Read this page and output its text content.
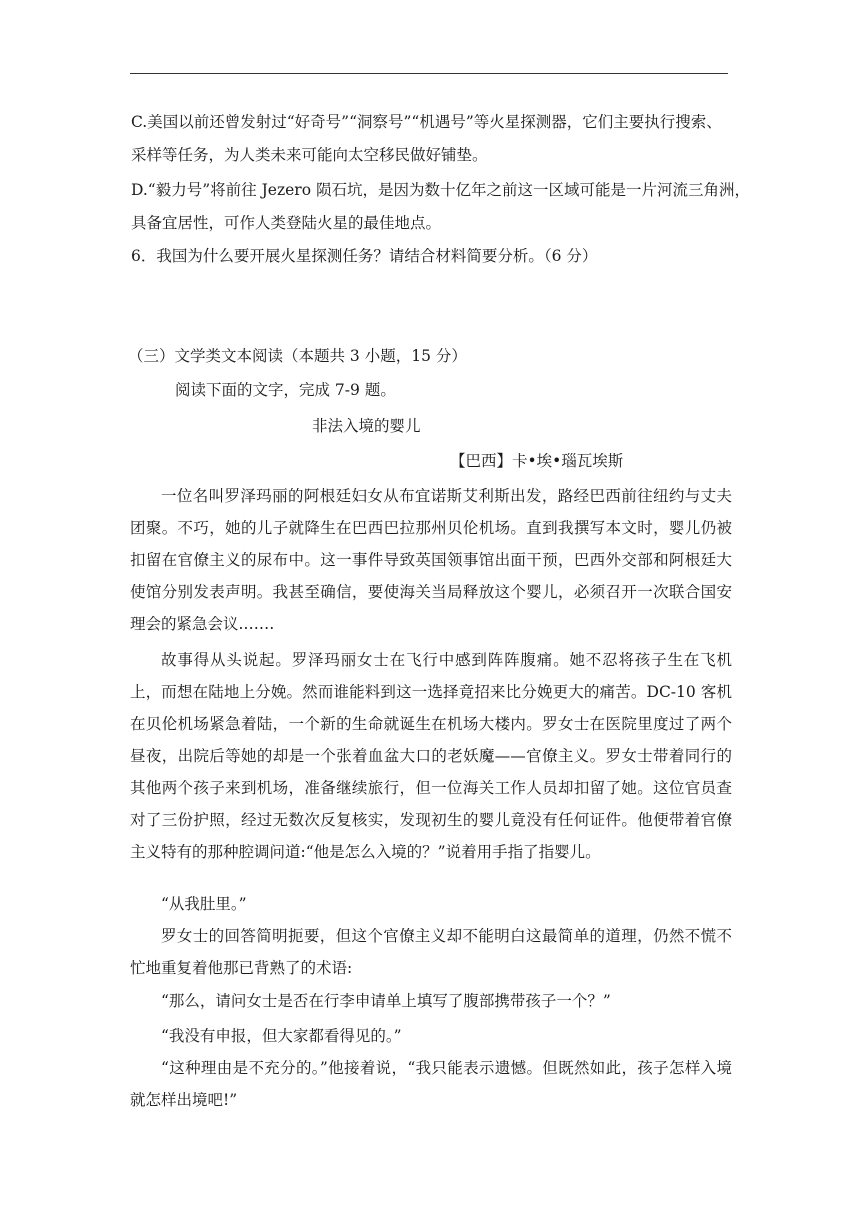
C.美国以前还曾发射过“好奇号”“洞察号”“机遇号”等火星探测器，它们主要执行搜索、

采样等任务，为人类未来可能向太空移民做好铺垫。

D.“毅力号”将前往 Jezero 陨石坑，是因为数十亿年之前这一区域可能是一片河流三角洲，

具备宜居性，可作人类登陆火星的最佳地点。

6．我国为什么要开展火星探测任务？请结合材料简要分析。（6 分）

（三）文学类文本阅读（本题共 3 小题，15 分）

阅读下面的文字，完成 7-9 题。

非法入境的婴儿

【巴西】卡•埃•瑙瓦埃斯

一位名叫罗泽玛丽的阿根廷妇女从布宜诺斯艾利斯出发，路经巴西前往纽约与丈夫团聚。不巧，她的儿子就降生在巴西巴拉那州贝伦机场。直到我撰写本文时，婴儿仍被扣留在官僚主义的尿布中。这一事件导致英国领事馆出面干预，巴西外交部和阿根廷大使馆分别发表声明。我甚至确信，要使海关当局释放这个婴儿，必须召开一次联合国安理会的紧急会议.……

故事得从头说起。罗泽玛丽女士在飞行中感到阵阵腹痛。她不忍将孩子生在飞机上，而想在陆地上分娩。然而谁能料到这一选择竟招来比分娩更大的痛苦。DC-10 客机在贝伦机场紧急着陆，一个新的生命就诞生在机场大楼内。罗女士在医院里度过了两个昼夜，出院后等她的却是一个张着血盆大口的老妖魔——官僚主义。罗女士带着同行的其他两个孩子来到机场，准备继续旅行，但一位海关工作人员却扣留了她。这位官员查对了三份护照，经过无数次反复核实，发现初生的婴儿竟没有任何证件。他便带着官僚主义特有的那种腔调问道:“他是怎么入境的？”说着用手指了指婴儿。

“从我肚里。”

罗女士的回答简明扼要，但这个官僚主义却不能明白这最简单的道理，仍然不慌不忙地重复着他那已背熟了的术语:

“那么，请问女士是否在行李申请单上填写了腹部携带孩子一个？”

“我没有申报，但大家都看得见的。”

“这种理由是不充分的。”他接着说，“我只能表示遗憾。但既然如此，孩子怎样入境就怎样出境吧!”
